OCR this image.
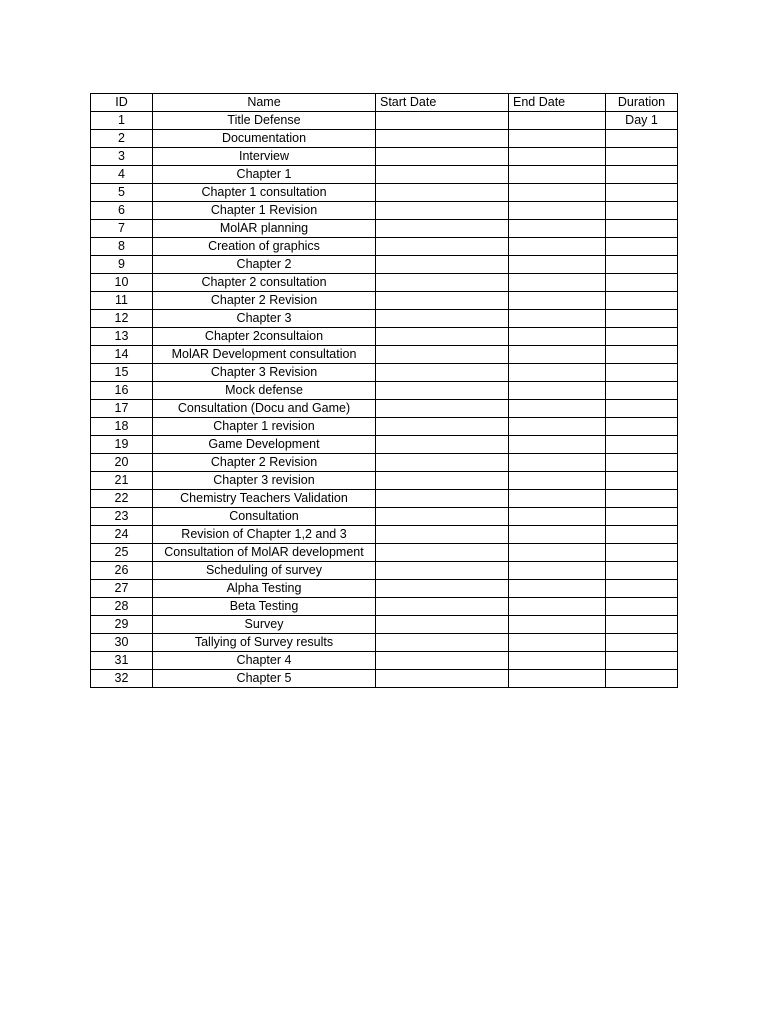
ID	Name	Start Date	End Date	Duration
1	Title Defense			Day 1
2	Documentation			
3	Interview			
4	Chapter 1			
5	Chapter 1 consultation			
6	Chapter 1 Revision			
7	MolAR planning			
8	Creation of graphics			
9	Chapter 2			
10	Chapter 2 consultation			
11	Chapter 2 Revision			
12	Chapter 3			
13	Chapter 2consultaion			
14	MolAR Development consultation			
15	Chapter 3 Revision			
16	Mock defense			
17	Consultation (Docu and Game)			
18	Chapter 1 revision			
19	Game Development			
20	Chapter 2 Revision			
21	Chapter 3 revision			
22	Chemistry Teachers Validation			
23	Consultation			
24	Revision of Chapter 1,2 and 3			
25	Consultation of MolAR development			
26	Scheduling of survey			
27	Alpha Testing			
28	Beta Testing			
29	Survey			
30	Tallying of Survey results			
31	Chapter 4			
32	Chapter 5			
